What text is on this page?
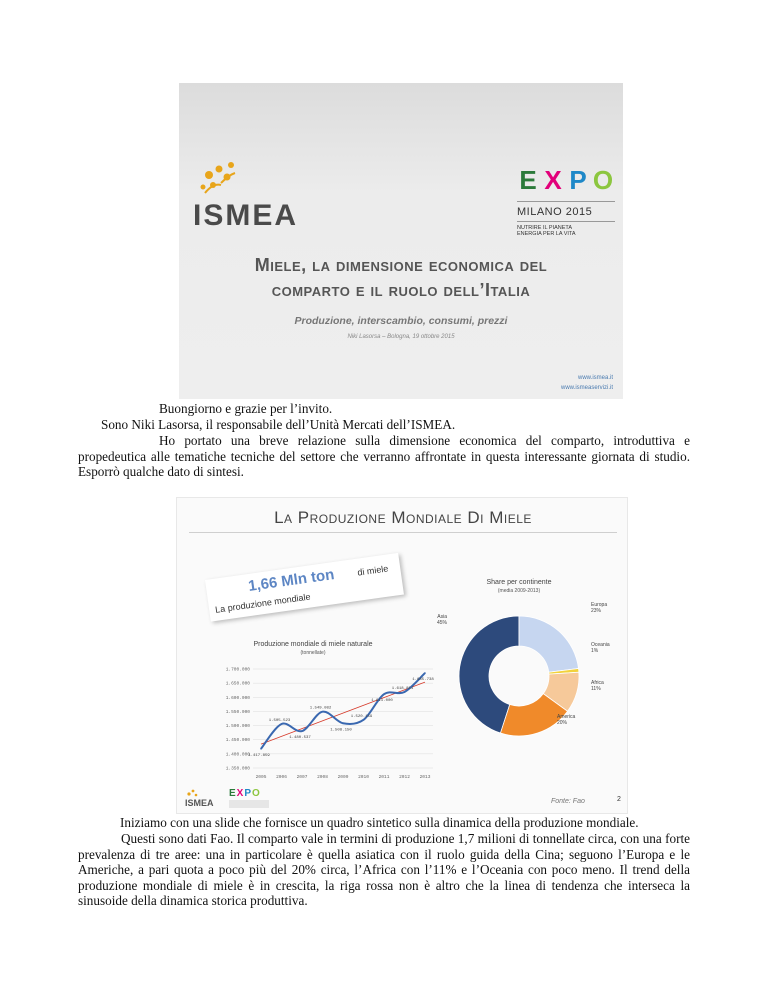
ISMEA
E X P O
MILANO 2015
NUTRIRE IL PIANETA
ENERGIA PER LA VITA
Miele, la dimensione economica del
comparto e il ruolo dell’Italia
Produzione, interscambio, consumi, prezzi
Niki Lasorsa – Bologna, 19 ottobre 2015
www.ismea.it
www.ismeaservizi.it
Buongiorno e grazie per l’invito.
Sono Niki Lasorsa, il responsabile dell’Unità Mercati dell’ISMEA.
Ho portato una breve relazione sulla dimensione economica del comparto, introduttiva e propedeutica alle tematiche tecniche del settore che verranno affrontate in questa interessante giornata di studio. Esporrò qualche dato di sintesi.
La Produzione Mondiale Di Miele
1,66 Mln ton di miele
La produzione mondiale
Produzione mondiale di miele naturale
(tonnellate)
1.350.000
1.400.000
1.450.000
1.500.000
1.550.000
1.600.000
1.650.000
1.700.000
2005 2006 2007 2008 2009 2010 2011 2012 2013
1.417.859
1.505.523
1.480.537
1.549.082
1.508.150
1.520.159
1.611.000
1.618.854
1.685.738
Share per continente
(media 2009-2013)
Asia
45%
Europa
23%
Oceania
1%
Africa
11%
America
20%
ISMEA
E X P O
Fonte: Fao	2
Iniziamo con una slide che fornisce un quadro sintetico sulla dinamica della produzione mondiale.
Questi sono dati Fao. Il comparto vale in termini di produzione 1,7 milioni di tonnellate circa, con una forte prevalenza di tre aree: una in particolare è quella asiatica con il ruolo guida della Cina; seguono l’Europa e le Americhe, a pari quota a poco più del 20% circa, l’Africa con l’11% e l’Oceania con poco meno. Il trend della produzione mondiale di miele è in crescita, la riga rossa non è altro che la linea di tendenza che interseca la sinusoide della dinamica storica produttiva.
